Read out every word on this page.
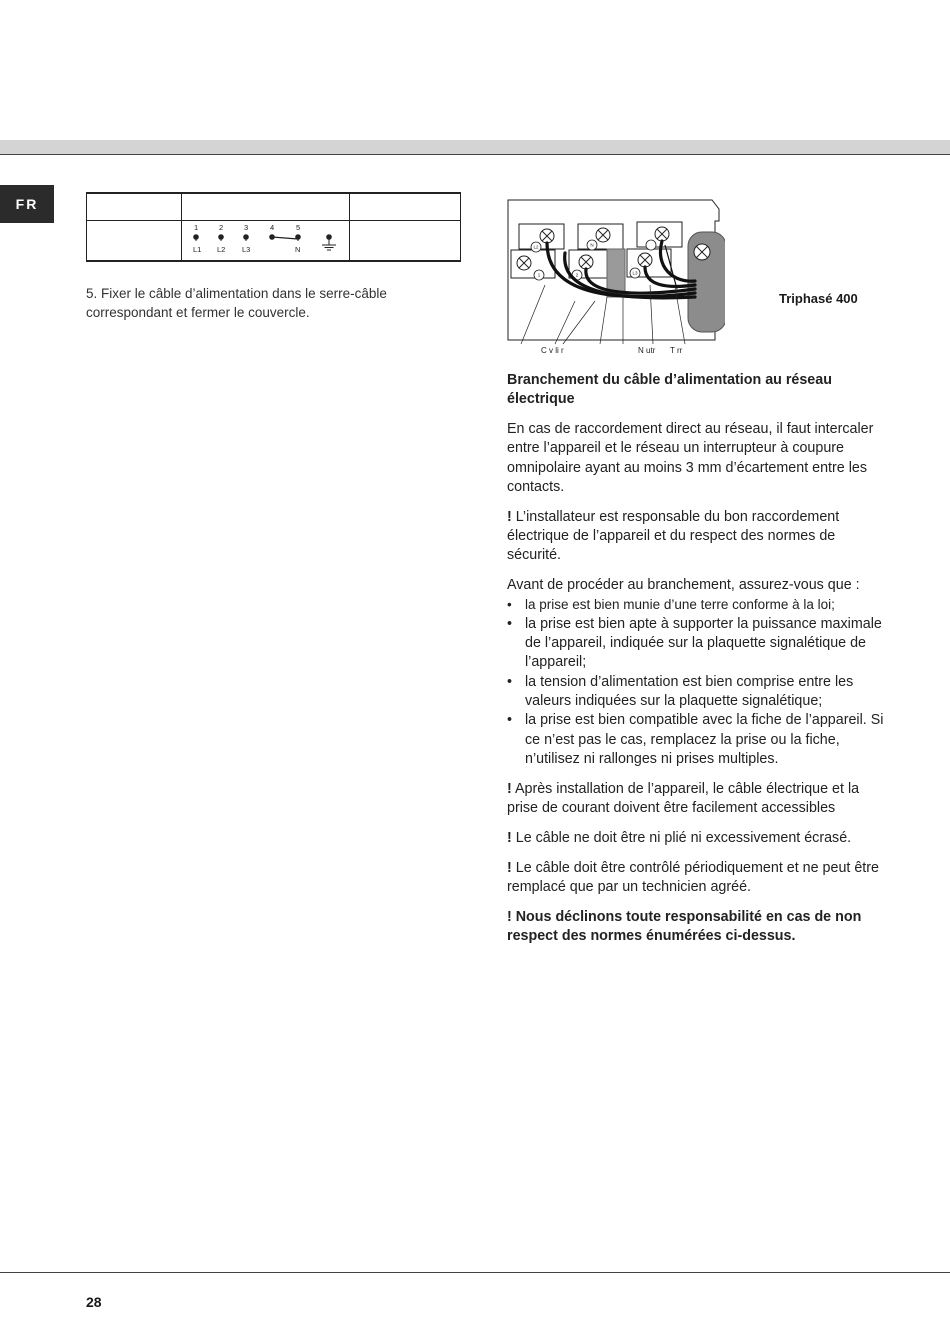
FR

1	2	3	4	5
L1 L2 L3	N
5. Fixer le câble d’alimentation dans le serre-câble correspondant et fermer le couvercle.
N
1	2	L3
L2
C v li r	N utr T rr
Triphasé 400

Branchement du câble d’alimentation au réseau électrique

En cas de raccordement direct au réseau, il faut intercaler entre l’appareil et le réseau un interrupteur à coupure omnipolaire ayant au moins 3 mm d’écartement entre les contacts.

! L’installateur est responsable du bon raccordement électrique de l’appareil et du respect des normes de sécurité.

Avant de procéder au branchement, assurez-vous que :

• la prise est bien munie d’une terre conforme à la loi;
• la prise est bien apte à supporter la puissance maximale de l’appareil, indiquée sur la plaquette signalétique de l’appareil;
• la tension d’alimentation est bien comprise entre les valeurs indiquées sur la plaquette signalétique;
• la prise est bien compatible avec la fiche de l’appareil. Si ce n’est pas le cas, remplacez la prise ou la fiche, n’utilisez ni rallonges ni prises multiples.

! Après installation de l’appareil, le câble électrique et la prise de courant doivent être facilement accessibles

! Le câble ne doit être ni plié ni excessivement écrasé.

! Le câble doit être contrôlé périodiquement et ne peut être remplacé que par un technicien agréé.

! Nous déclinons toute responsabilité en cas de non respect des normes énumérées ci-dessus.

28
